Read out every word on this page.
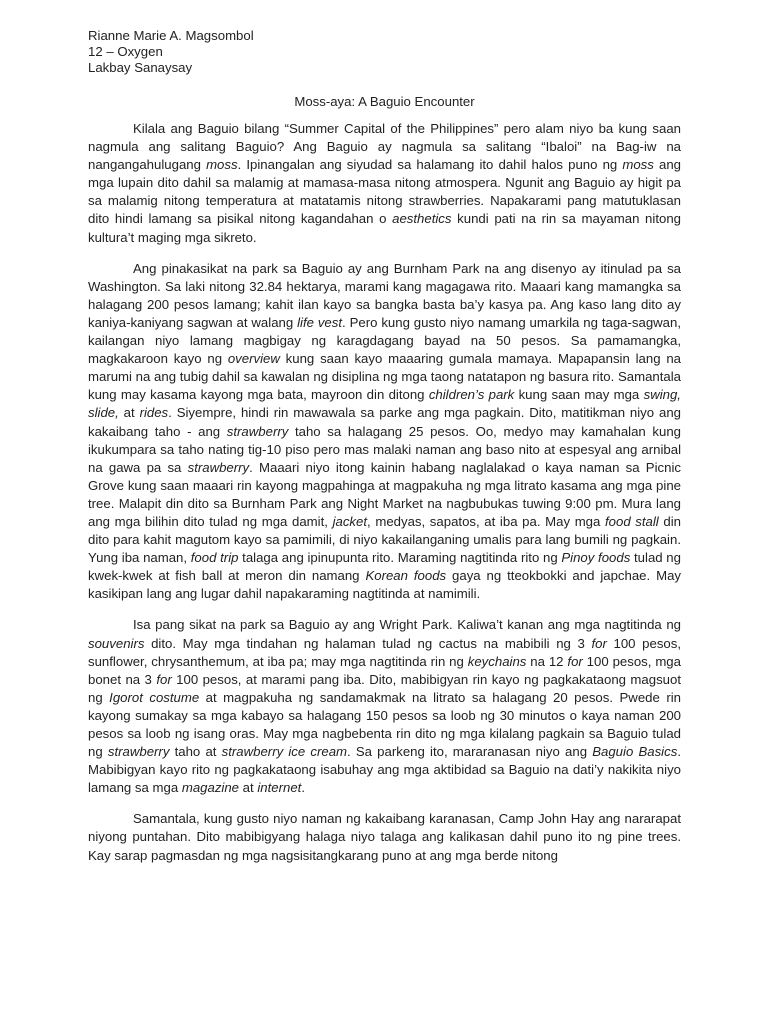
Rianne Marie A. Magsombol
12 – Oxygen
Lakbay Sanaysay
Moss-aya: A Baguio Encounter

Kilala ang Baguio bilang “Summer Capital of the Philippines” pero alam niyo ba kung saan nagmula ang salitang Baguio? Ang Baguio ay nagmula sa salitang “Ibaloi” na Bag-iw na nangangahulugang moss. Ipinangalan ang siyudad sa halamang ito dahil halos puno ng moss ang mga lupain dito dahil sa malamig at mamasa-masa nitong atmospera. Ngunit ang Baguio ay higit pa sa malamig nitong temperatura at matatamis nitong strawberries. Napakarami pang matutuklasan dito hindi lamang sa pisikal nitong kagandahan o aesthetics kundi pati na rin sa mayaman nitong kultura’t maging mga sikreto.

Ang pinakasikat na park sa Baguio ay ang Burnham Park na ang disenyo ay itinulad pa sa Washington. Sa laki nitong 32.84 hektarya, marami kang magagawa rito. Maaari kang mamangka sa halagang 200 pesos lamang; kahit ilan kayo sa bangka basta ba’y kasya pa. Ang kaso lang dito ay kaniya-kaniyang sagwan at walang life vest. Pero kung gusto niyo namang umarkila ng taga-sagwan, kailangan niyo lamang magbigay ng karagdagang bayad na 50 pesos. Sa pamamangka, magkakaroon kayo ng overview kung saan kayo maaaring gumala mamaya. Mapapansin lang na marumi na ang tubig dahil sa kawalan ng disiplina ng mga taong natatapon ng basura rito. Samantala kung may kasama kayong mga bata, mayroon din ditong children’s park kung saan may mga swing, slide, at rides. Siyempre, hindi rin mawawala sa parke ang mga pagkain. Dito, matitikman niyo ang kakaibang taho - ang strawberry taho sa halagang 25 pesos. Oo, medyo may kamahalan kung ikukumpara sa taho nating tig-10 piso pero mas malaki naman ang baso nito at espesyal ang arnibal na gawa pa sa strawberry. Maaari niyo itong kainin habang naglalakad o kaya naman sa Picnic Grove kung saan maaari rin kayong magpahinga at magpakuha ng mga litrato kasama ang mga pine tree. Malapit din dito sa Burnham Park ang Night Market na nagbubukas tuwing 9:00 pm. Mura lang ang mga bilihin dito tulad ng mga damit, jacket, medyas, sapatos, at iba pa. May mga food stall din dito para kahit magutom kayo sa pamimili, di niyo kakailanganing umalis para lang bumili ng pagkain. Yung iba naman, food trip talaga ang ipinupunta rito. Maraming nagtitinda rito ng Pinoy foods tulad ng kwek-kwek at fish ball at meron din namang Korean foods gaya ng tteokbokki and japchae. May kasikipan lang ang lugar dahil napakaraming nagtitinda at namimili.

Isa pang sikat na park sa Baguio ay ang Wright Park. Kaliwa’t kanan ang mga nagtitinda ng souvenirs dito. May mga tindahan ng halaman tulad ng cactus na mabibili ng 3 for 100 pesos, sunflower, chrysanthemum, at iba pa; may mga nagtitinda rin ng keychains na 12 for 100 pesos, mga bonet na 3 for 100 pesos, at marami pang iba. Dito, mabibigyan rin kayo ng pagkakataong magsuot ng Igorot costume at magpakuha ng sandamakmak na litrato sa halagang 20 pesos. Pwede rin kayong sumakay sa mga kabayo sa halagang 150 pesos sa loob ng 30 minutos o kaya naman 200 pesos sa loob ng isang oras. May mga nagbebenta rin dito ng mga kilalang pagkain sa Baguio tulad ng strawberry taho at strawberry ice cream. Sa parkeng ito, mararanasan niyo ang Baguio Basics. Mabibigyan kayo rito ng pagkakataong isabuhay ang mga aktibidad sa Baguio na dati’y nakikita niyo lamang sa mga magazine at internet.

Samantala, kung gusto niyo naman ng kakaibang karanasan, Camp John Hay ang nararapat niyong puntahan. Dito mabibigyang halaga niyo talaga ang kalikasan dahil puno ito ng pine trees. Kay sarap pagmasdan ng mga nagsisitangkarang puno at ang mga berde nitong
